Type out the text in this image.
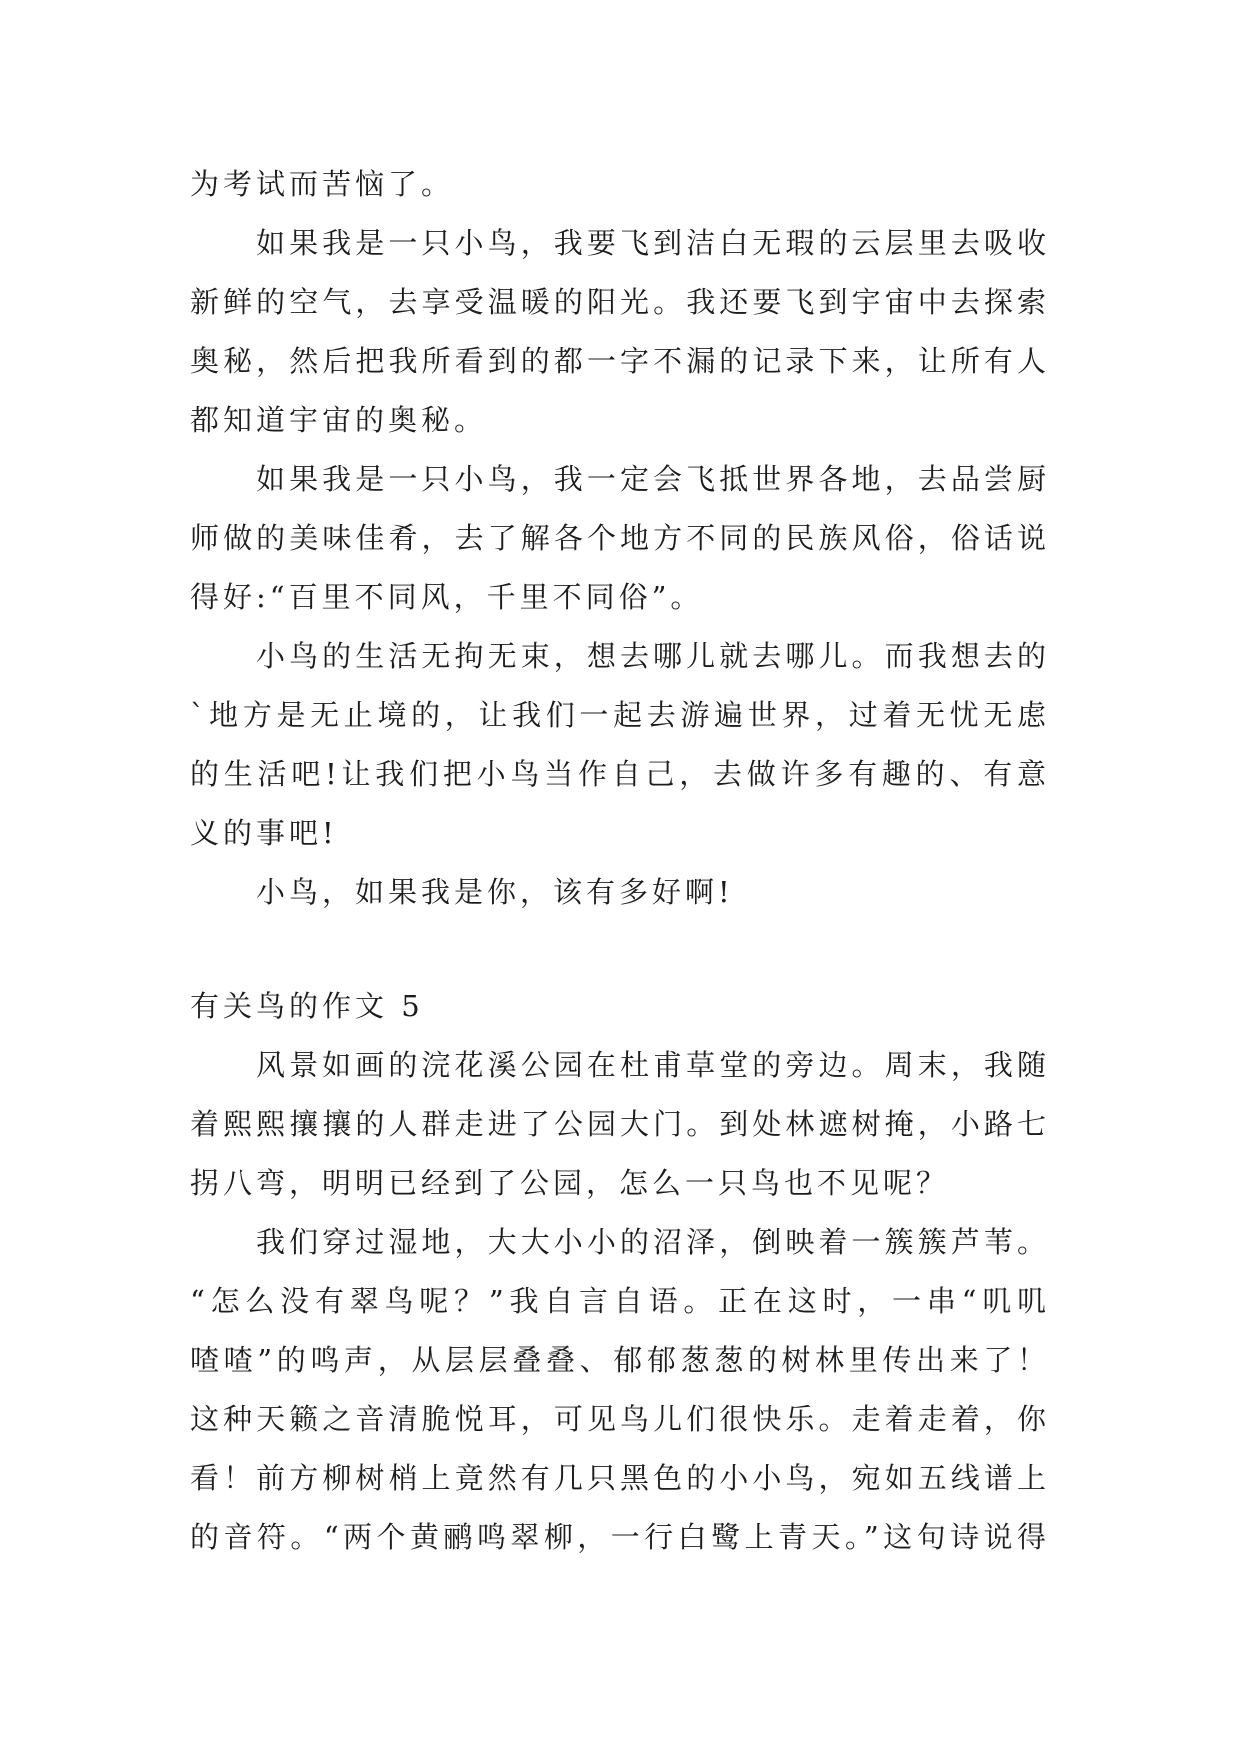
为考试而苦恼了。
如果我是一只小鸟，我要飞到洁白无瑕的云层里去吸收
新鲜的空气，去享受温暖的阳光。我还要飞到宇宙中去探索
奥秘，然后把我所看到的都一字不漏的记录下来，让所有人
都知道宇宙的奥秘。
如果我是一只小鸟，我一定会飞抵世界各地，去品尝厨
师做的美味佳肴，去了解各个地方不同的民族风俗，俗话说
得好:“百里不同风，千里不同俗”。
小鸟的生活无拘无束，想去哪儿就去哪儿。而我想去的
`地方是无止境的，让我们一起去游遍世界，过着无忧无虑
的生活吧!让我们把小鸟当作自己，去做许多有趣的、有意
义的事吧!
小鸟，如果我是你，该有多好啊!
有关鸟的作文 5
风景如画的浣花溪公园在杜甫草堂的旁边。周末，我随
着熙熙攘攘的人群走进了公园大门。到处林遮树掩，小路七
拐八弯，明明已经到了公园，怎么一只鸟也不见呢？
我们穿过湿地，大大小小的沼泽，倒映着一簇簇芦苇。
“怎么没有翠鸟呢？”我自言自语。正在这时，一串“叽叽
喳喳”的鸣声，从层层叠叠、郁郁葱葱的树林里传出来了！
这种天籁之音清脆悦耳，可见鸟儿们很快乐。走着走着，你
看！前方柳树梢上竟然有几只黑色的小小鸟，宛如五线谱上
的音符。“两个黄鹂鸣翠柳，一行白鹭上青天。”这句诗说得
